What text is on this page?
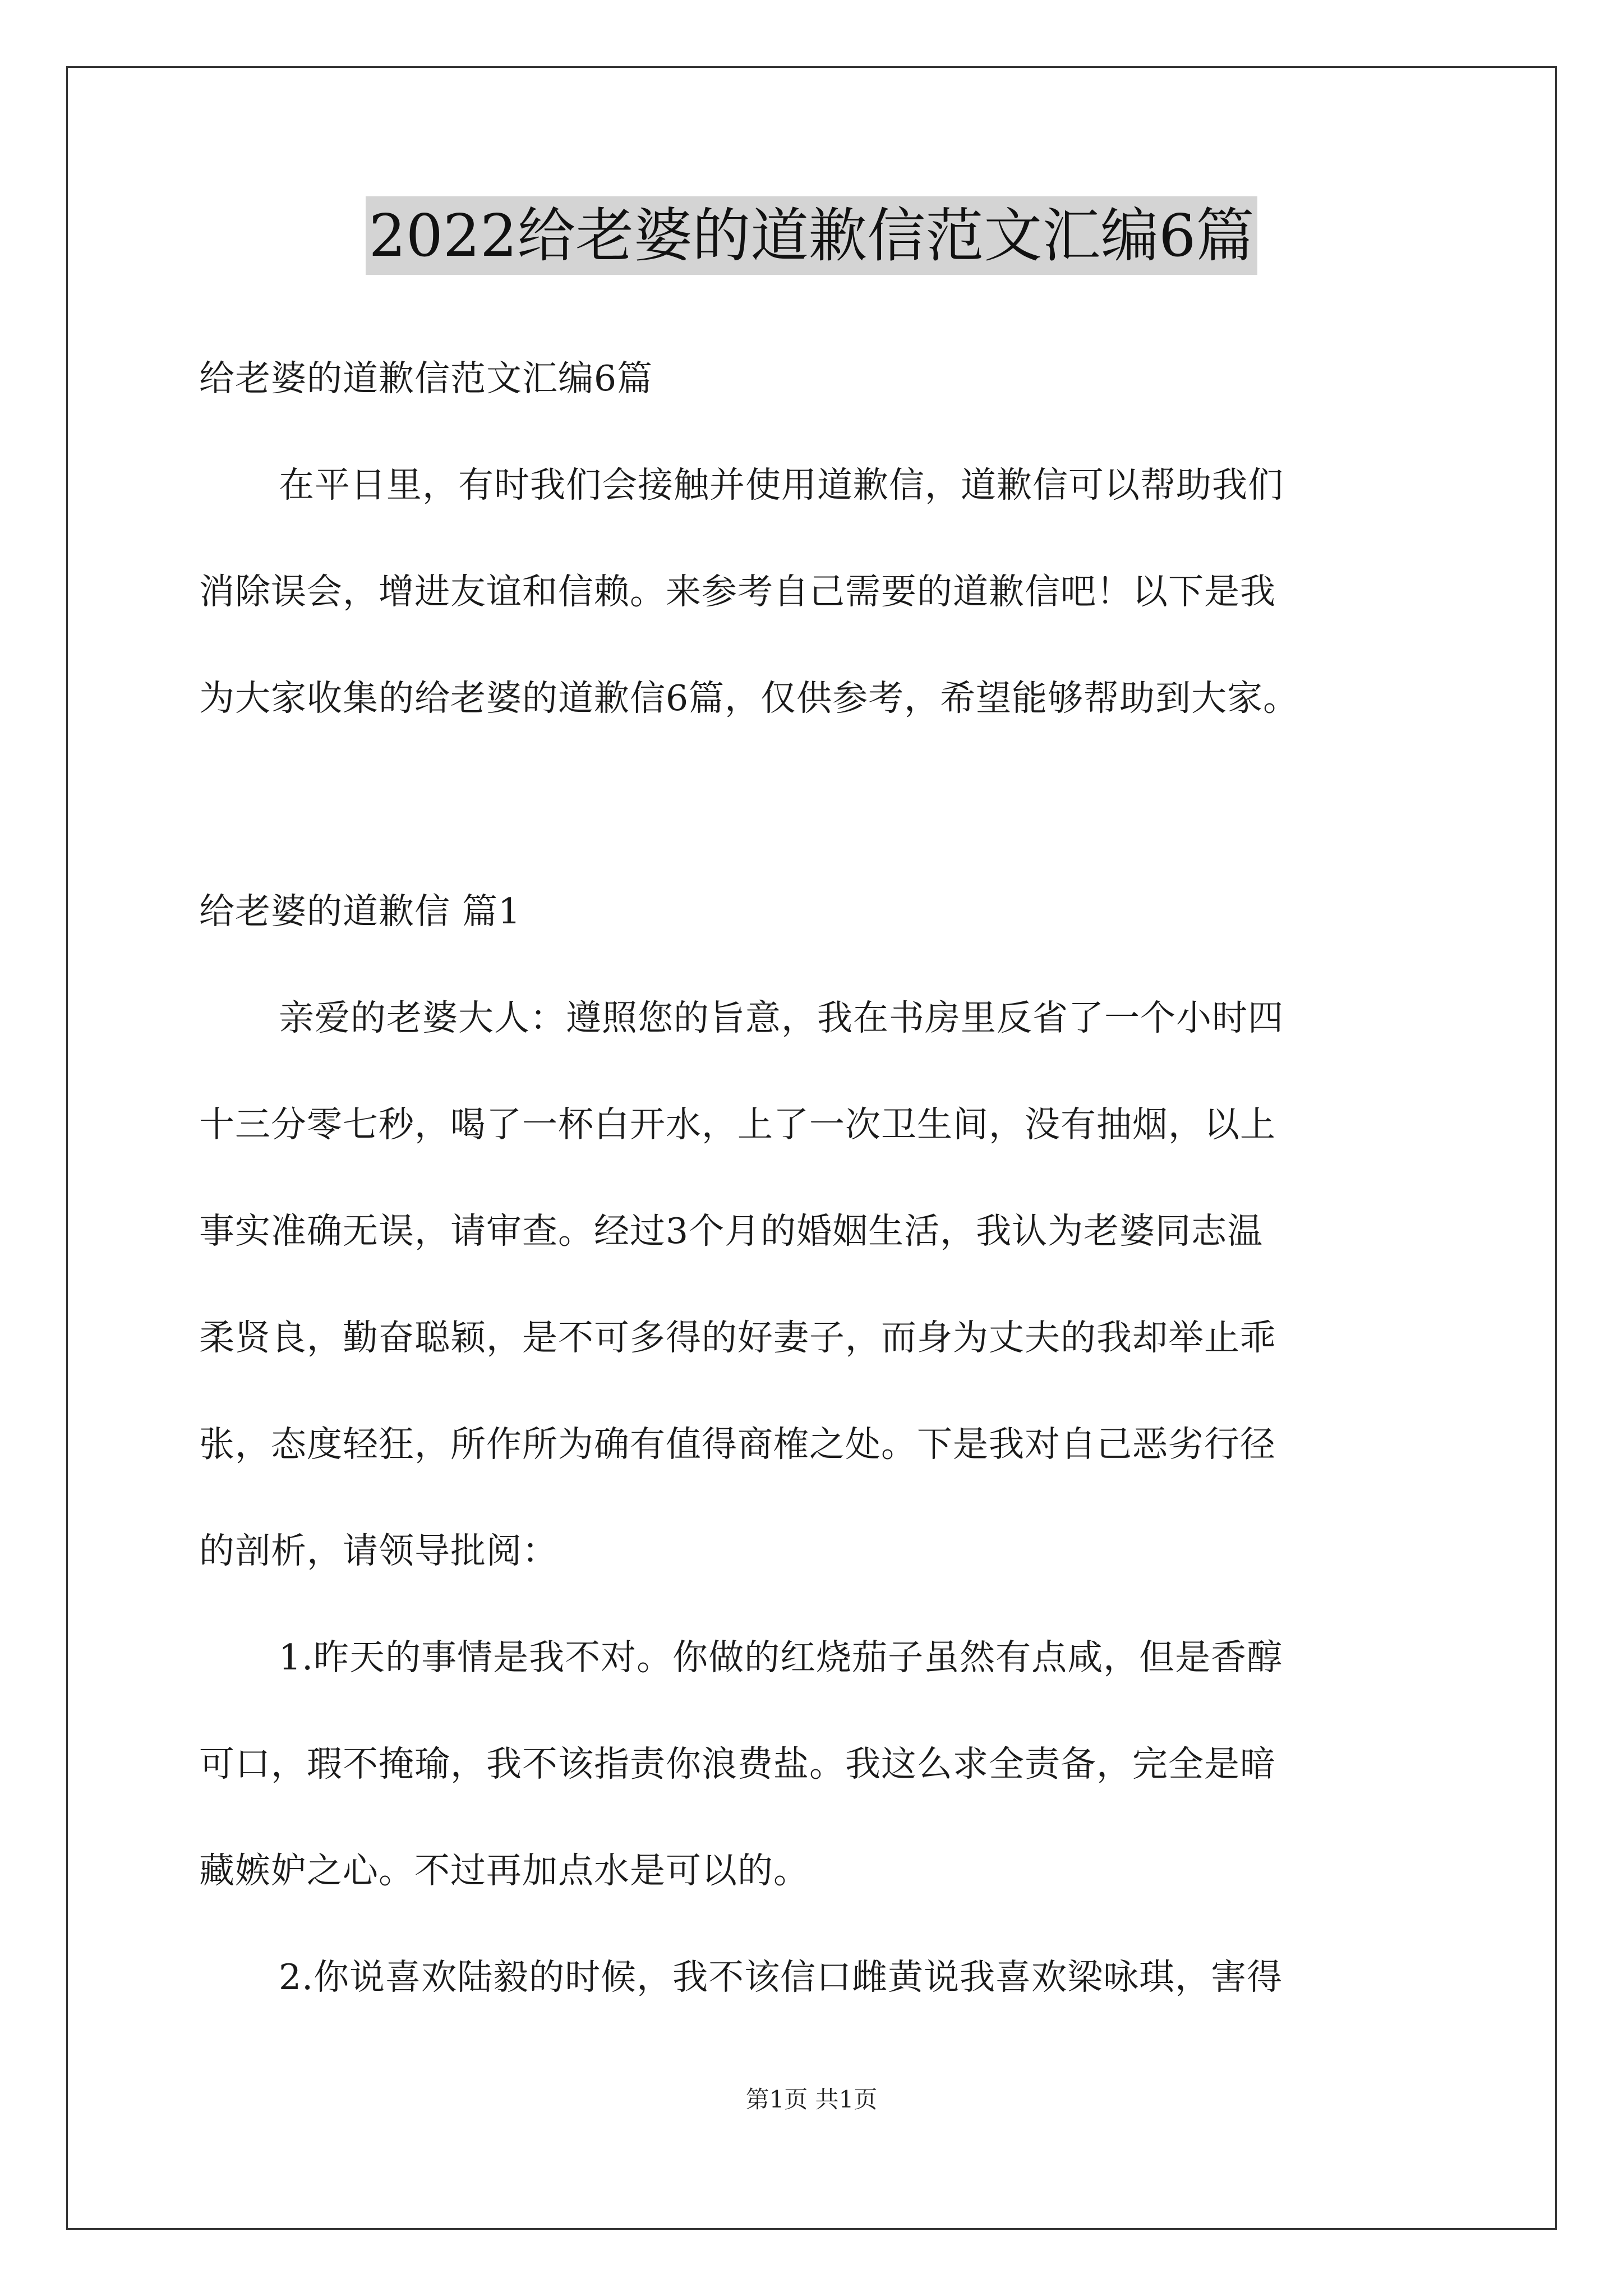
2022给老婆的道歉信范文汇编6篇
给老婆的道歉信范文汇编6篇
在平日里，有时我们会接触并使用道歉信，道歉信可以帮助我们
消除误会，增进友谊和信赖。来参考自己需要的道歉信吧！以下是我
为大家收集的给老婆的道歉信6篇，仅供参考，希望能够帮助到大家。
给老婆的道歉信 篇1
亲爱的老婆大人：遵照您的旨意，我在书房里反省了一个小时四
十三分零七秒，喝了一杯白开水，上了一次卫生间，没有抽烟，以上
事实准确无误，请审查。经过3个月的婚姻生活，我认为老婆同志温
柔贤良，勤奋聪颖，是不可多得的好妻子，而身为丈夫的我却举止乖
张，态度轻狂，所作所为确有值得商榷之处。下是我对自己恶劣行径
的剖析，请领导批阅：
1.昨天的事情是我不对。你做的红烧茄子虽然有点咸，但是香醇
可口，瑕不掩瑜，我不该指责你浪费盐。我这么求全责备，完全是暗
藏嫉妒之心。不过再加点水是可以的。
2.你说喜欢陆毅的时候，我不该信口雌黄说我喜欢梁咏琪，害得
第1页 共1页
